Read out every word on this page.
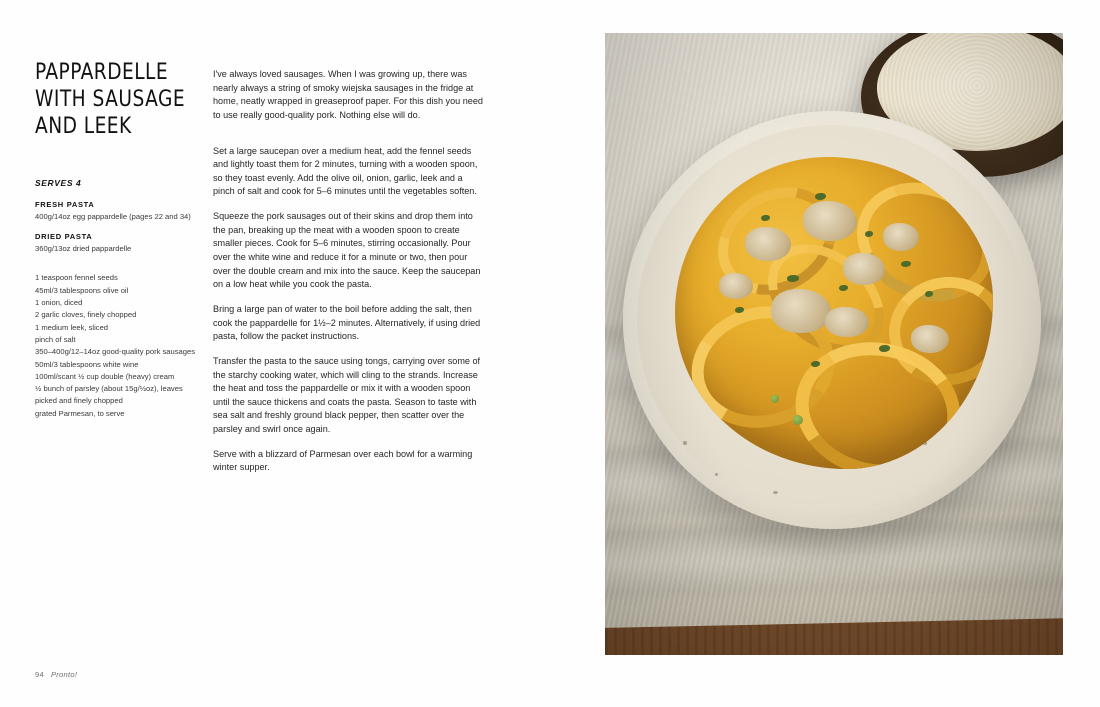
PAPPARDELLE WITH SAUSAGE AND LEEK
SERVES 4
FRESH PASTA
400g/14oz egg pappardelle (pages 22 and 34)
DRIED PASTA
360g/13oz dried pappardelle
1 teaspoon fennel seeds
45ml/3 tablespoons olive oil
1 onion, diced
2 garlic cloves, finely chopped
1 medium leek, sliced
pinch of salt
350–400g/12–14oz good-quality pork sausages
50ml/3 tablespoons white wine
100ml/scant ½ cup double (heavy) cream
½ bunch of parsley (about 15g/½oz), leaves picked and finely chopped
grated Parmesan, to serve

I've always loved sausages. When I was growing up, there was nearly always a string of smoky wiejska sausages in the fridge at home, neatly wrapped in greaseproof paper. For this dish you need to use really good-quality pork. Nothing else will do.

Set a large saucepan over a medium heat, add the fennel seeds and lightly toast them for 2 minutes, turning with a wooden spoon, so they toast evenly. Add the olive oil, onion, garlic, leek and a pinch of salt and cook for 5–6 minutes until the vegetables soften.

Squeeze the pork sausages out of their skins and drop them into the pan, breaking up the meat with a wooden spoon to create smaller pieces. Cook for 5–6 minutes, stirring occasionally. Pour over the white wine and reduce it for a minute or two, then pour over the double cream and mix into the sauce. Keep the saucepan on a low heat while you cook the pasta.

Bring a large pan of water to the boil before adding the salt, then cook the pappardelle for 1½–2 minutes. Alternatively, if using dried pasta, follow the packet instructions.

Transfer the pasta to the sauce using tongs, carrying over some of the starchy cooking water, which will cling to the strands. Increase the heat and toss the pappardelle or mix it with a wooden spoon until the sauce thickens and coats the pasta. Season to taste with sea salt and freshly ground black pepper, then scatter over the parsley and swirl once again.

Serve with a blizzard of Parmesan over each bowl for a warming winter supper.

94 Pronto!
